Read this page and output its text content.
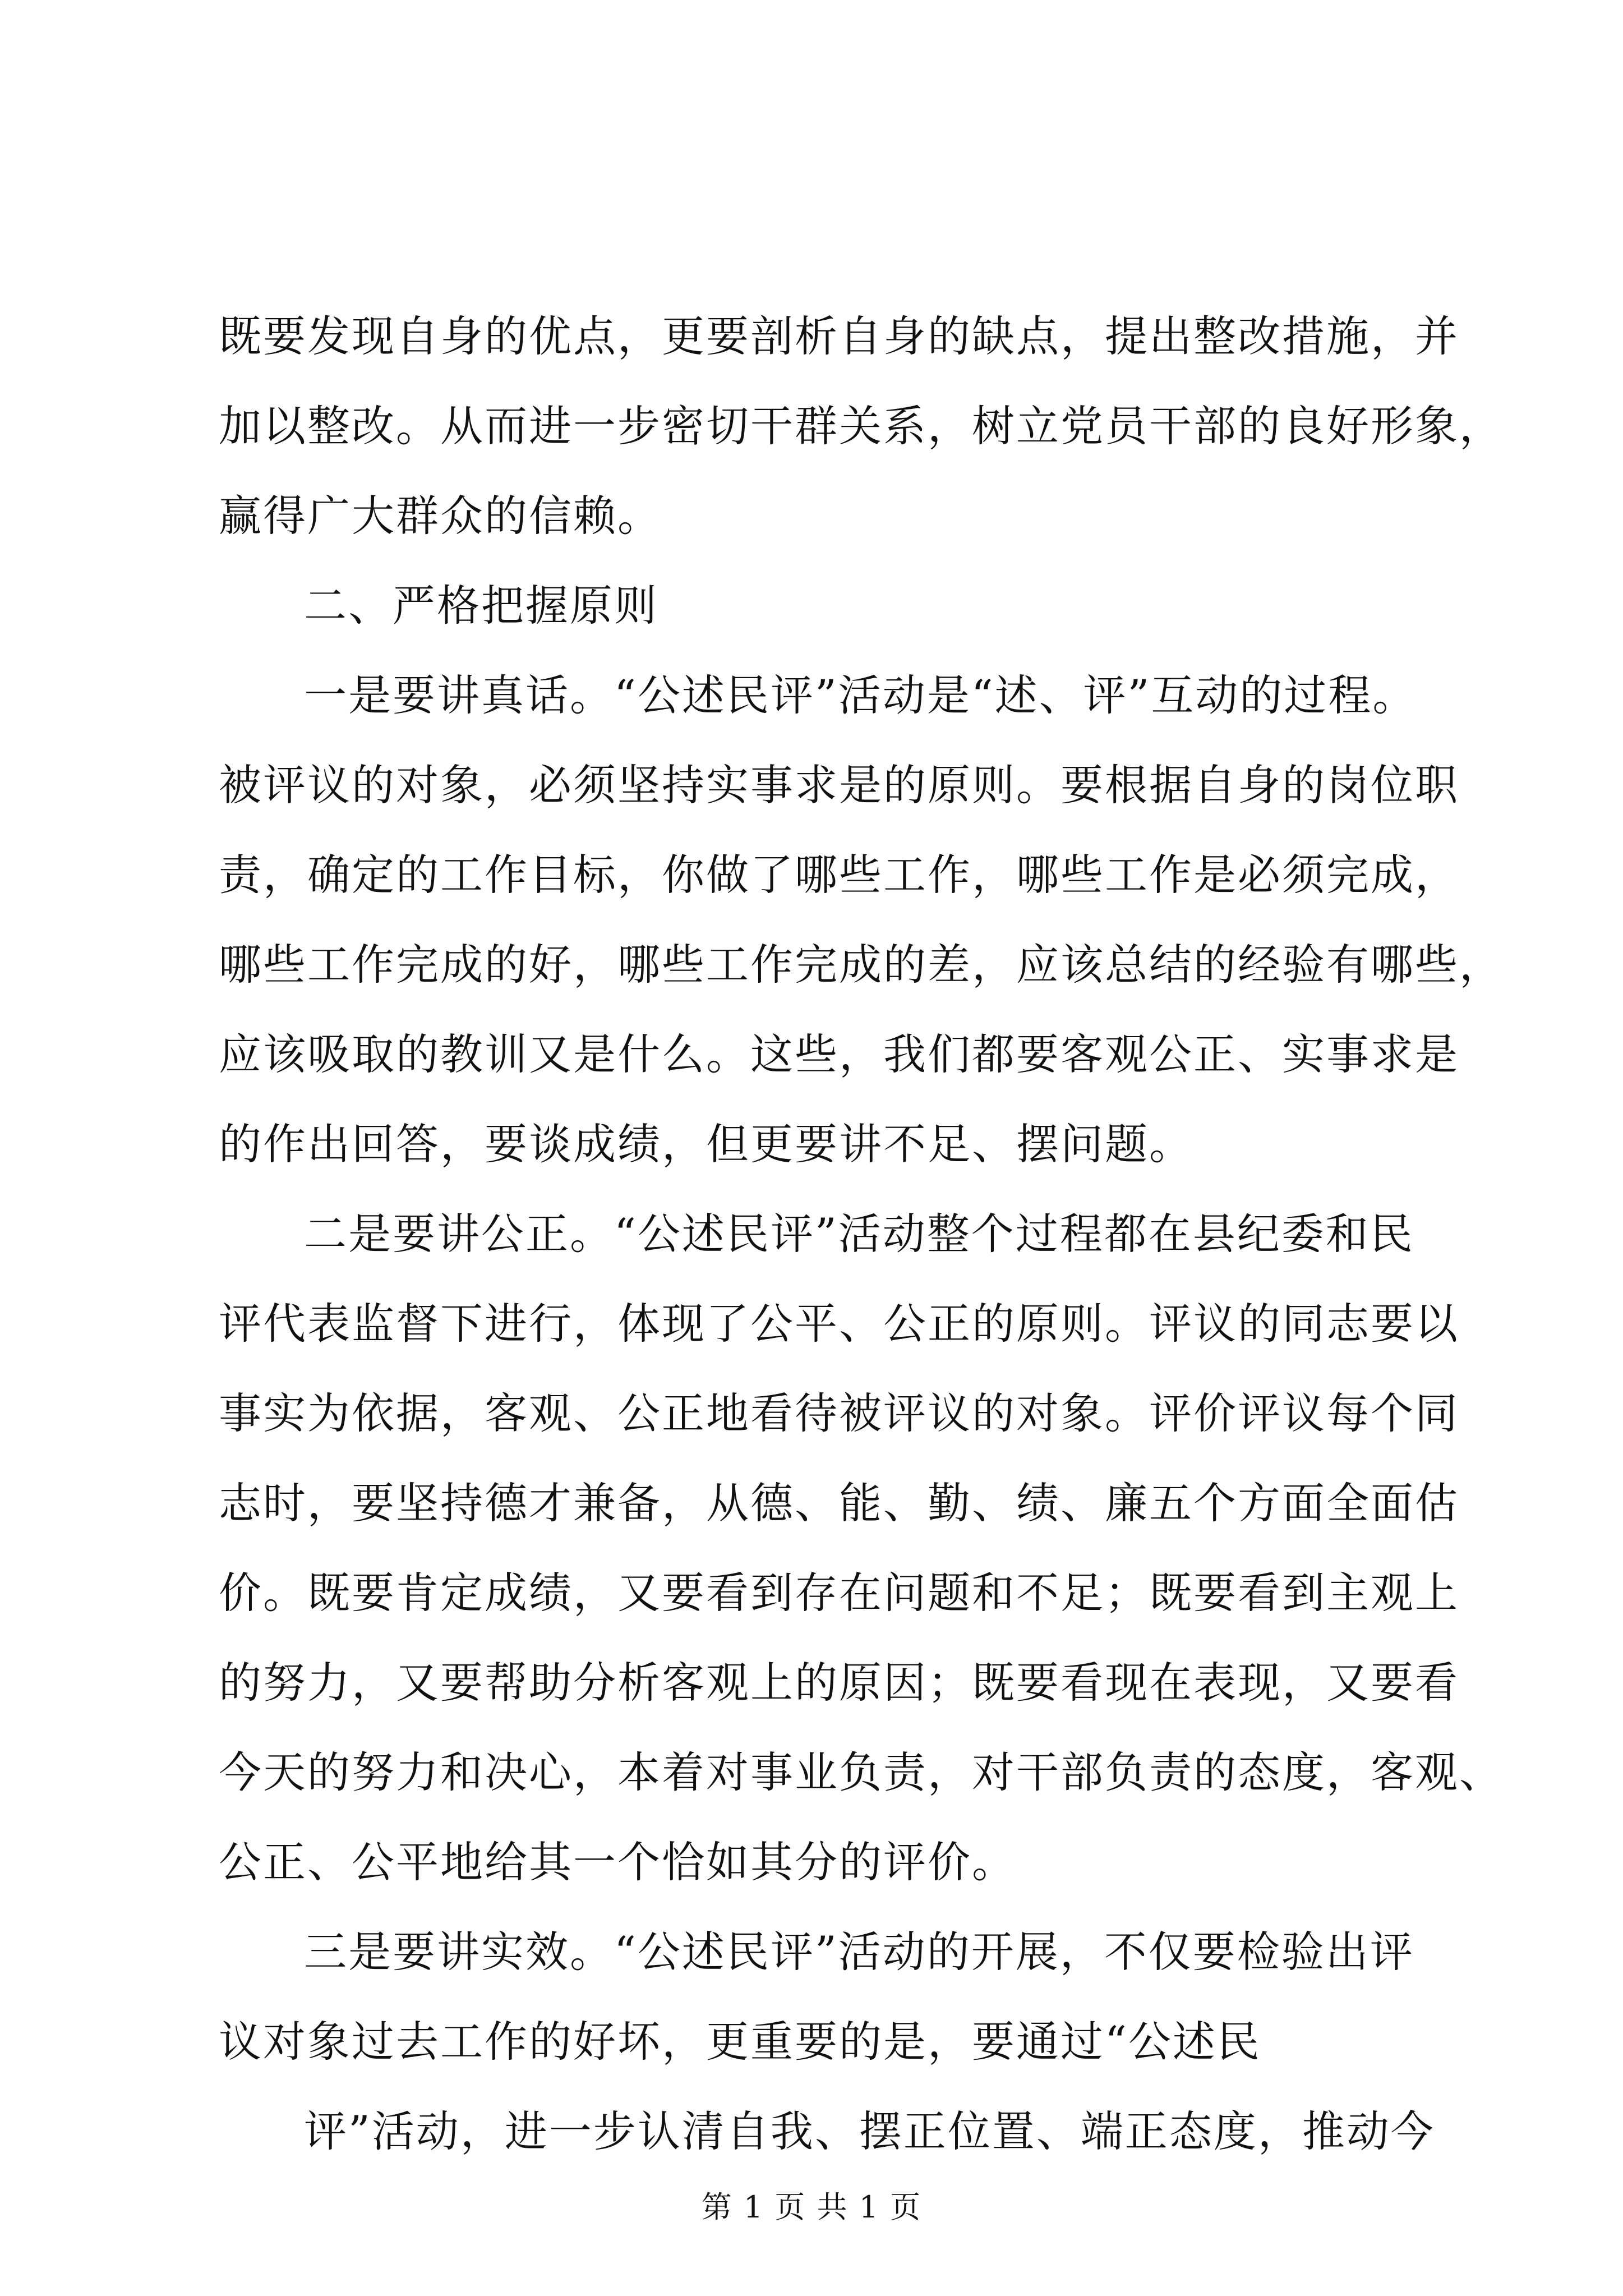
既要发现自身的优点，更要剖析自身的缺点，提出整改措施，并
加以整改。从而进一步密切干群关系，树立党员干部的良好形象，
赢得广大群众的信赖。
二、严格把握原则
一是要讲真话。“公述民评”活动是“述、评”互动的过程。
被评议的对象，必须坚持实事求是的原则。要根据自身的岗位职
责，确定的工作目标，你做了哪些工作，哪些工作是必须完成，
哪些工作完成的好，哪些工作完成的差，应该总结的经验有哪些，
应该吸取的教训又是什么。这些，我们都要客观公正、实事求是
的作出回答，要谈成绩，但更要讲不足、摆问题。
二是要讲公正。“公述民评”活动整个过程都在县纪委和民
评代表监督下进行，体现了公平、公正的原则。评议的同志要以
事实为依据，客观、公正地看待被评议的对象。评价评议每个同
志时，要坚持德才兼备，从德、能、勤、绩、廉五个方面全面估
价。既要肯定成绩，又要看到存在问题和不足；既要看到主观上
的努力，又要帮助分析客观上的原因；既要看现在表现，又要看
今天的努力和决心，本着对事业负责，对干部负责的态度，客观、
公正、公平地给其一个恰如其分的评价。
三是要讲实效。“公述民评”活动的开展，不仅要检验出评
议对象过去工作的好坏，更重要的是，要通过“公述民
评”活动，进一步认清自我、摆正位置、端正态度，推动今
第 1 页 共 1 页
